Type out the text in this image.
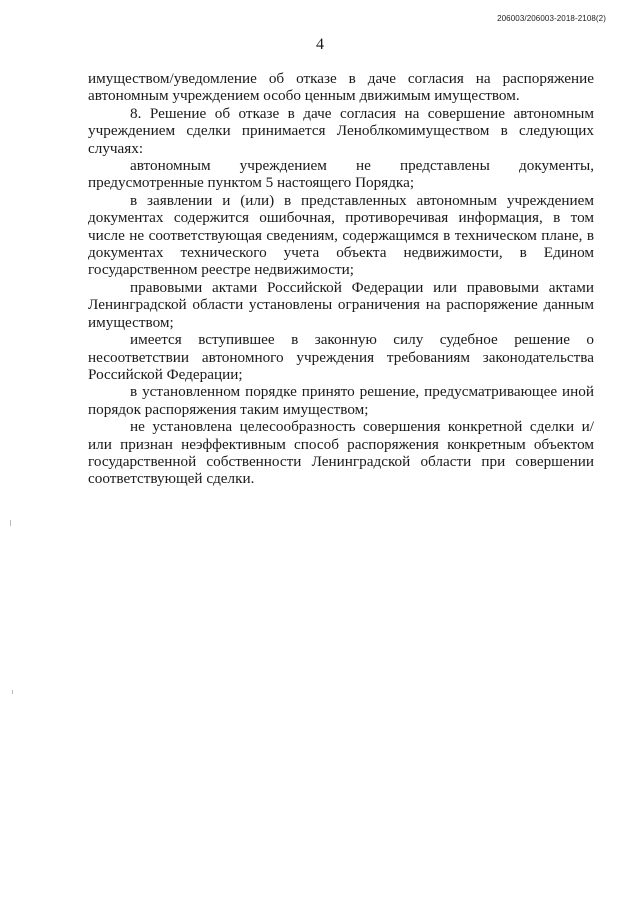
206003/206003-2018-2108(2)
4

имуществом/уведомление об отказе в даче согласия на распоряжение автономным учреждением особо ценным движимым имуществом.

8. Решение об отказе в даче согласия на совершение автономным учреждением сделки принимается Леноблкомимуществом в следующих случаях:

автономным учреждением не представлены документы, предусмотренные пунктом 5 настоящего Порядка;

в заявлении и (или) в представленных автономным учреждением документах содержится ошибочная, противоречивая информация, в том числе не соответствующая сведениям, содержащимся в техническом плане, в документах технического учета объекта недвижимости, в Едином государственном реестре недвижимости;

правовыми актами Российской Федерации или правовыми актами Ленинградской области установлены ограничения на распоряжение данным имуществом;

имеется вступившее в законную силу судебное решение о несоответствии автономного учреждения требованиям законодательства Российской Федерации;

в установленном порядке принято решение, предусматривающее иной порядок распоряжения таким имуществом;

не установлена целесообразность совершения конкретной сделки и/или признан неэффективным способ распоряжения конкретным объектом государственной собственности Ленинградской области при совершении соответствующей сделки.
